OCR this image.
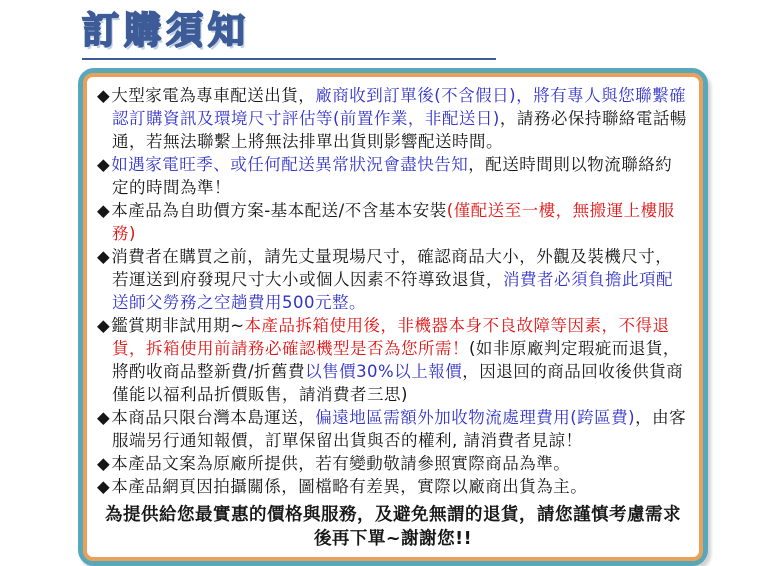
訂購須知

◆大型家電為專車配送出貨，廠商收到訂單後(不含假日)，將有專人與您聯繫確認訂購資訊及環境尺寸評估等(前置作業，非配送日)，請務必保持聯絡電話暢通，若無法聯繫上將無法排單出貨則影響配送時間。

◆如遇家電旺季、或任何配送異常狀況會盡快告知，配送時間則以物流聯絡約定的時間為準！

◆本產品為自助價方案-基本配送/不含基本安裝(僅配送至一樓，無搬運上樓服務)

◆消費者在購買之前，請先丈量現場尺寸，確認商品大小，外觀及裝機尺寸，若運送到府發現尺寸大小或個人因素不符導致退貨，消費者必須負擔此項配送師父勞務之空趟費用500元整。

◆鑑賞期非試用期~本產品拆箱使用後，非機器本身不良故障等因素，不得退貨，拆箱使用前請務必確認機型是否為您所需！(如非原廠判定瑕疵而退貨，將酌收商品整新費/折舊費以售價30%以上報價，因退回的商品回收後供貨商僅能以福利品折價販售，請消費者三思)

◆本商品只限台灣本島運送，偏遠地區需額外加收物流處理費用(跨區費)，由客服端另行通知報價，訂單保留出貨與否的權利, 請消費者見諒！

◆本產品文案為原廠所提供，若有變動敬請參照實際商品為準。

◆本產品網頁因拍攝關係，圖檔略有差異，實際以廠商出貨為主。

為提供給您最實惠的價格與服務，及避免無謂的退貨，請您謹慎考慮需求後再下單~謝謝您!!
